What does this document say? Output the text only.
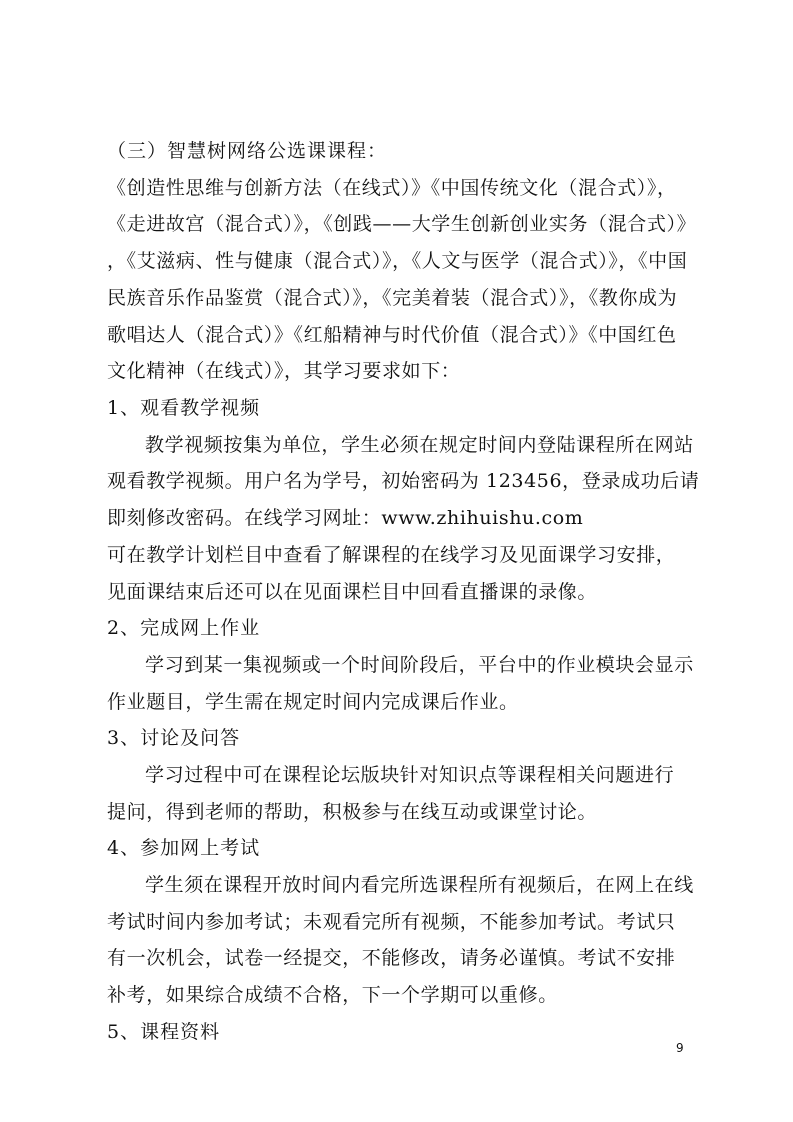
（三）智慧树网络公选课课程：
《创造性思维与创新方法（在线式）》《中国传统文化（混合式）》，
《走进故宫（混合式）》，《创践——大学生创新创业实务（混合式）》
，《艾滋病、性与健康（混合式）》，《人文与医学（混合式）》，《中国
民族音乐作品鉴赏（混合式）》，《完美着装（混合式）》，《教你成为
歌唱达人（混合式）》《红船精神与时代价值（混合式）》《中国红色
文化精神（在线式）》，其学习要求如下：
1、观看教学视频
教学视频按集为单位，学生必须在规定时间内登陆课程所在网站
观看教学视频。用户名为学号，初始密码为 123456，登录成功后请
即刻修改密码。在线学习网址：www.zhihuishu.com
可在教学计划栏目中查看了解课程的在线学习及见面课学习安排，
见面课结束后还可以在见面课栏目中回看直播课的录像。
2、完成网上作业
学习到某一集视频或一个时间阶段后，平台中的作业模块会显示
作业题目，学生需在规定时间内完成课后作业。
3、讨论及问答
学习过程中可在课程论坛版块针对知识点等课程相关问题进行
提问，得到老师的帮助，积极参与在线互动或课堂讨论。
4、参加网上考试
学生须在课程开放时间内看完所选课程所有视频后，在网上在线
考试时间内参加考试；未观看完所有视频，不能参加考试。考试只
有一次机会，试卷一经提交，不能修改，请务必谨慎。考试不安排
补考，如果综合成绩不合格，下一个学期可以重修。
5、课程资料
9
